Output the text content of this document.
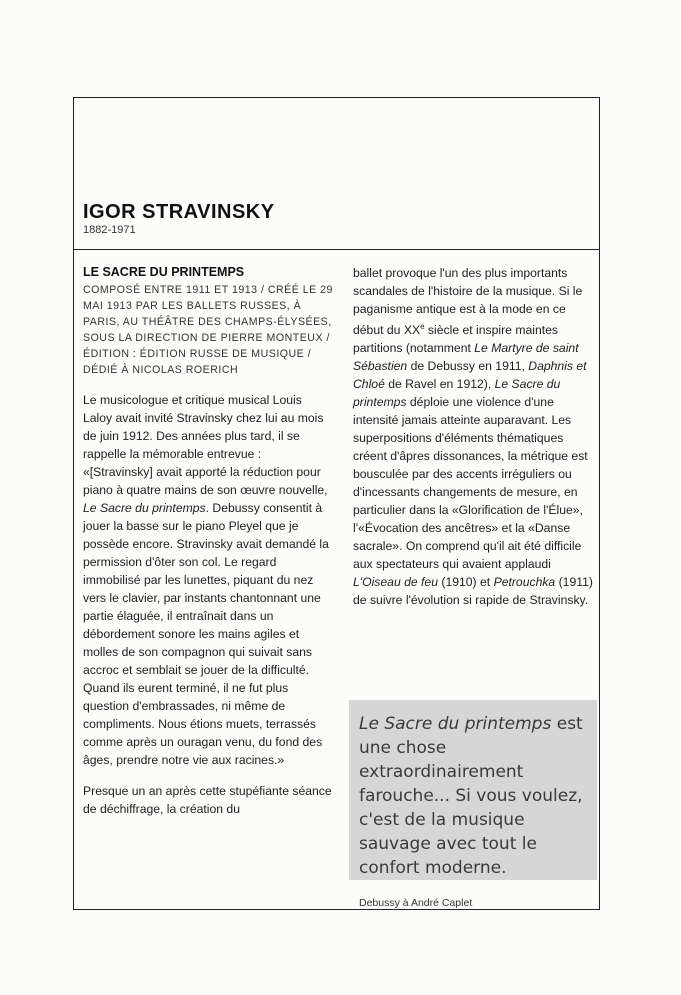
IGOR STRAVINSKY
1882-1971

LE SACRE DU PRINTEMPS

COMPOSÉ ENTRE 1911 ET 1913 / CRÉÉ LE 29 MAI 1913 PAR LES BALLETS RUSSES, À PARIS, AU THÉÂTRE DES CHAMPS-ÉLYSÉES, SOUS LA DIRECTION DE PIERRE MONTEUX / ÉDITION : ÉDITION RUSSE DE MUSIQUE / DÉDIÉ À NICOLAS ROERICH

Le musicologue et critique musical Louis Laloy avait invité Stravinsky chez lui au mois de juin 1912. Des années plus tard, il se rappelle la mémorable entrevue : «[Stravinsky] avait apporté la réduction pour piano à quatre mains de son œuvre nouvelle, Le Sacre du printemps. Debussy consentit à jouer la basse sur le piano Pleyel que je possède encore. Stravinsky avait demandé la permission d'ôter son col. Le regard immobilisé par les lunettes, piquant du nez vers le clavier, par instants chantonnant une partie élaguée, il entraînait dans un débordement sonore les mains agiles et molles de son compagnon qui suivait sans accroc et semblait se jouer de la difficulté. Quand ils eurent terminé, il ne fut plus question d'embrassades, ni même de compliments. Nous étions muets, terrassés comme après un ouragan venu, du fond des âges, prendre notre vie aux racines.»

Presque un an après cette stupéfiante séance de déchiffrage, la création du

ballet provoque l'un des plus importants scandales de l'histoire de la musique. Si le paganisme antique est à la mode en ce début du XXe siècle et inspire maintes partitions (notamment Le Martyre de saint Sébastien de Debussy en 1911, Daphnis et Chloé de Ravel en 1912), Le Sacre du printemps déploie une violence d'une intensité jamais atteinte auparavant. Les superpositions d'éléments thématiques créent d'âpres dissonances, la métrique est bousculée par des accents irréguliers ou d'incessants changements de mesure, en particulier dans la «Glorification de l'Élue», l'«Évocation des ancêtres» et la «Danse sacrale». On comprend qu'il ait été difficile aux spectateurs qui avaient applaudi L'Oiseau de feu (1910) et Petrouchka (1911) de suivre l'évolution si rapide de Stravinsky.

Le Sacre du printemps est une chose extraordinairement farouche... Si vous voulez, c'est de la musique sauvage avec tout le confort moderne.

Debussy à André Caplet
